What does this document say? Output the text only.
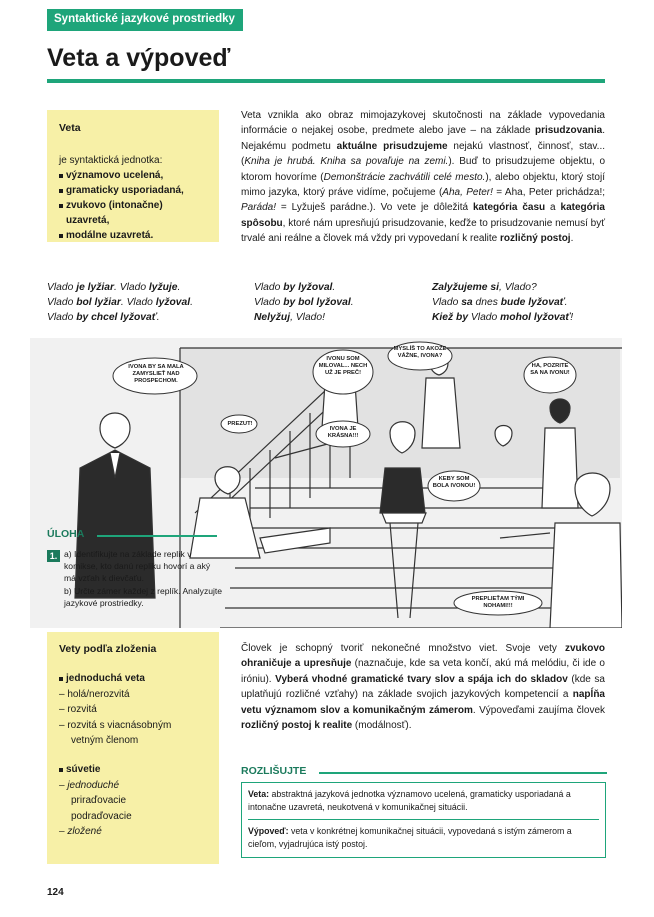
Syntaktické jazykové prostriedky
Veta a výpoveď
Veta
je syntaktická jednotka:
významovo ucelená,
gramaticky usporiadaná,
zvukovo (intonačne) uzavretá,
modálne uzavretá.
Veta vznikla ako obraz mimojazykovej skutočnosti na základe vypovedania informácie o nejakej osobe, predmete alebo jave – na základe prisudzovania. Nejakému podmetu aktuálne prisudzujeme nejakú vlastnosť, činnosť, stav... (Kniha je hrubá. Kniha sa povaľuje na zemi.). Buď to prisudzujeme objektu, o ktorom hovoríme (Demonštrácie zachvátili celé mesto.), alebo objektu, ktorý stojí mimo jazyka, ktorý práve vidíme, počujeme (Aha, Peter! = Aha, Peter prichádza!; Paráda! = Lyžuješ parádne.). Vo vete je dôležitá kategória času a kategória spôsobu, ktoré nám upresňujú prisudzovanie, keďže to prisudzovanie nemusí byť trvalé ani reálne a človek má vždy pri vypovedaní k realite rozličný postoj.
Vlado je lyžiar. Vlado lyžuje.
Vlado bol lyžiar. Vlado lyžoval.
Vlado by chcel lyžovať.
Vlado by lyžoval.
Vlado by bol lyžoval.
Nelyžuj, Vlado!
Zalyžujeme si, Vlado?
Vlado sa dnes bude lyžovať.
Kiež by Vlado mohol lyžovať!
IVONA BY SA MALA ZAMYSLIEŤ NAD PROSPECHOM.
PREZUT!
IVONU SOM MILOVAL... NECH UŽ JE PREČ!
MYSLÍŠ TO AKOŽE VÁŽNE, IVONA?
IVONA JE KRÁSNA!!!
HA, POZRITE SA NA IVONU!
KEBY SOM BOLA IVONOU!
PREPLIEŤAM TÝMI NOHAMI!!!
ÚLOHA
1. a) Identifikujte na základe replík v komikse, kto danú repliku hovorí a aký má vzťah k dievčaťu.
b) Určte zámer každej z replík. Analyzujte jazykové prostriedky.
Vety podľa zloženia
jednoduchá veta
– holá/nerozvitá
– rozvitá
– rozvitá s viacnásobným
vetným členom
súvetie
– jednoduché
priraďovacie
podraďovacie
– zložené
Človek je schopný tvoriť nekonečné množstvo viet. Svoje vety zvukovo ohraničuje a upresňuje (naznačuje, kde sa veta končí, akú má melódiu, či ide o iróniu). Vyberá vhodné gramatické tvary slov a spája ich do skladov (kde sa uplatňujú rozličné vzťahy) na základe svojich jazykových kompetencií a napĺňa vetu významom slov a komunikačným zámerom. Výpoveďami zaujíma človek rozličný postoj k realite (modálnosť).
ROZLIŠUJTE
Veta: abstraktná jazyková jednotka významovo ucelená, gramaticky usporiadaná a intonačne uzavretá, neukotvená v komunikačnej situácii.
Výpoveď: veta v konkrétnej komunikačnej situácii, vypovedaná s istým zámerom a cieľom, vyjadrujúca istý postoj.
124
